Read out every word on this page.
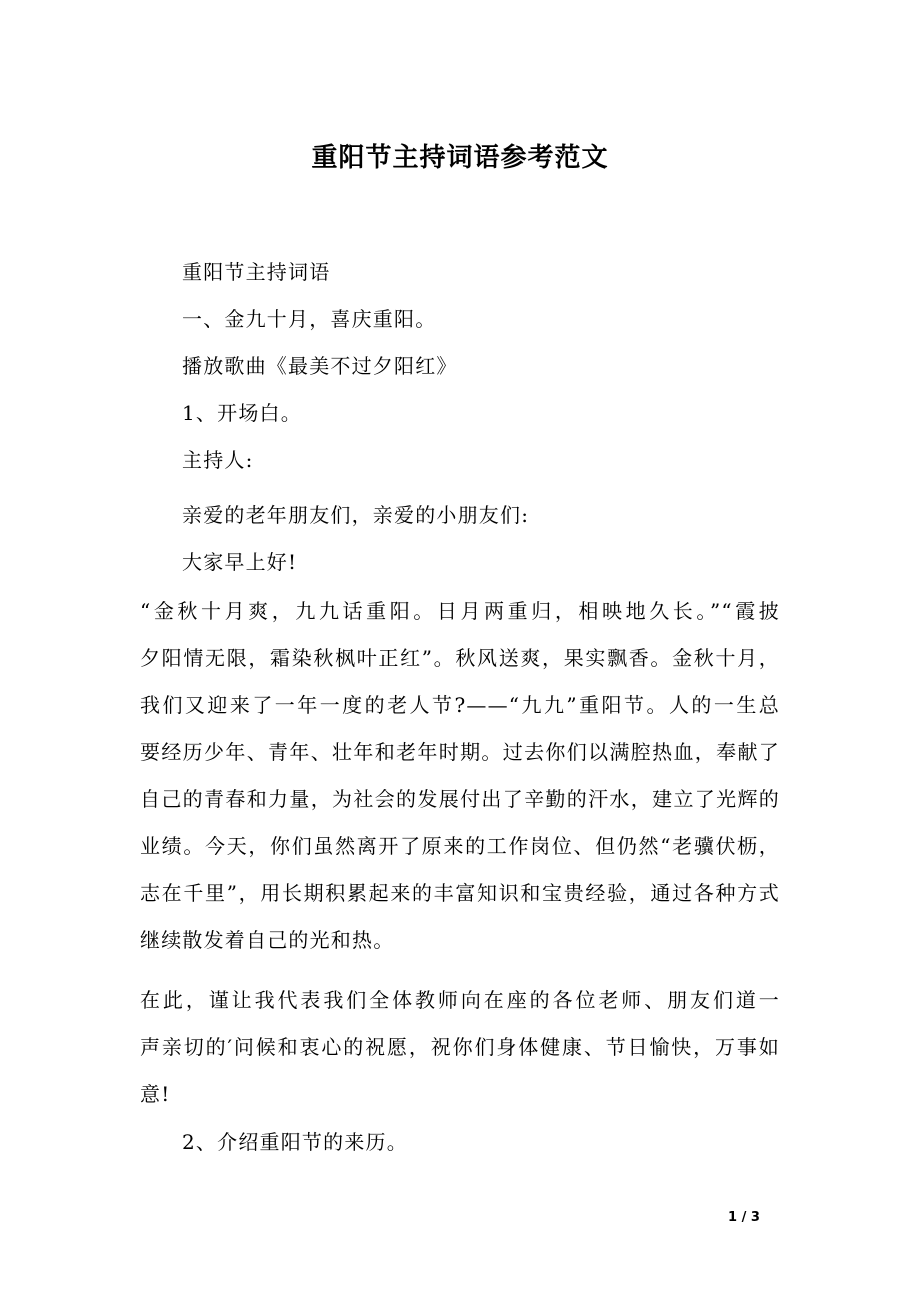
重阳节主持词语参考范文
重阳节主持词语
一、金九十月，喜庆重阳。
播放歌曲《最美不过夕阳红》
1、开场白。
主持人:
亲爱的老年朋友们，亲爱的小朋友们:
大家早上好!
“金秋十月爽，九九话重阳。日月两重归，相映地久长。”“霞披
夕阳情无限，霜染秋枫叶正红”。秋风送爽，果实飘香。金秋十月，
我们又迎来了一年一度的老人节?——“九九”重阳节。人的一生总
要经历少年、青年、壮年和老年时期。过去你们以满腔热血，奉献了
自己的青春和力量，为社会的发展付出了辛勤的汗水，建立了光辉的
业绩。今天，你们虽然离开了原来的工作岗位、但仍然“老骥伏枥，
志在千里”，用长期积累起来的丰富知识和宝贵经验，通过各种方式
继续散发着自己的光和热。
在此，谨让我代表我们全体教师向在座的各位老师、朋友们道一
声亲切的′问候和衷心的祝愿，祝你们身体健康、节日愉快，万事如
意!
2、介绍重阳节的来历。
1 / 3
